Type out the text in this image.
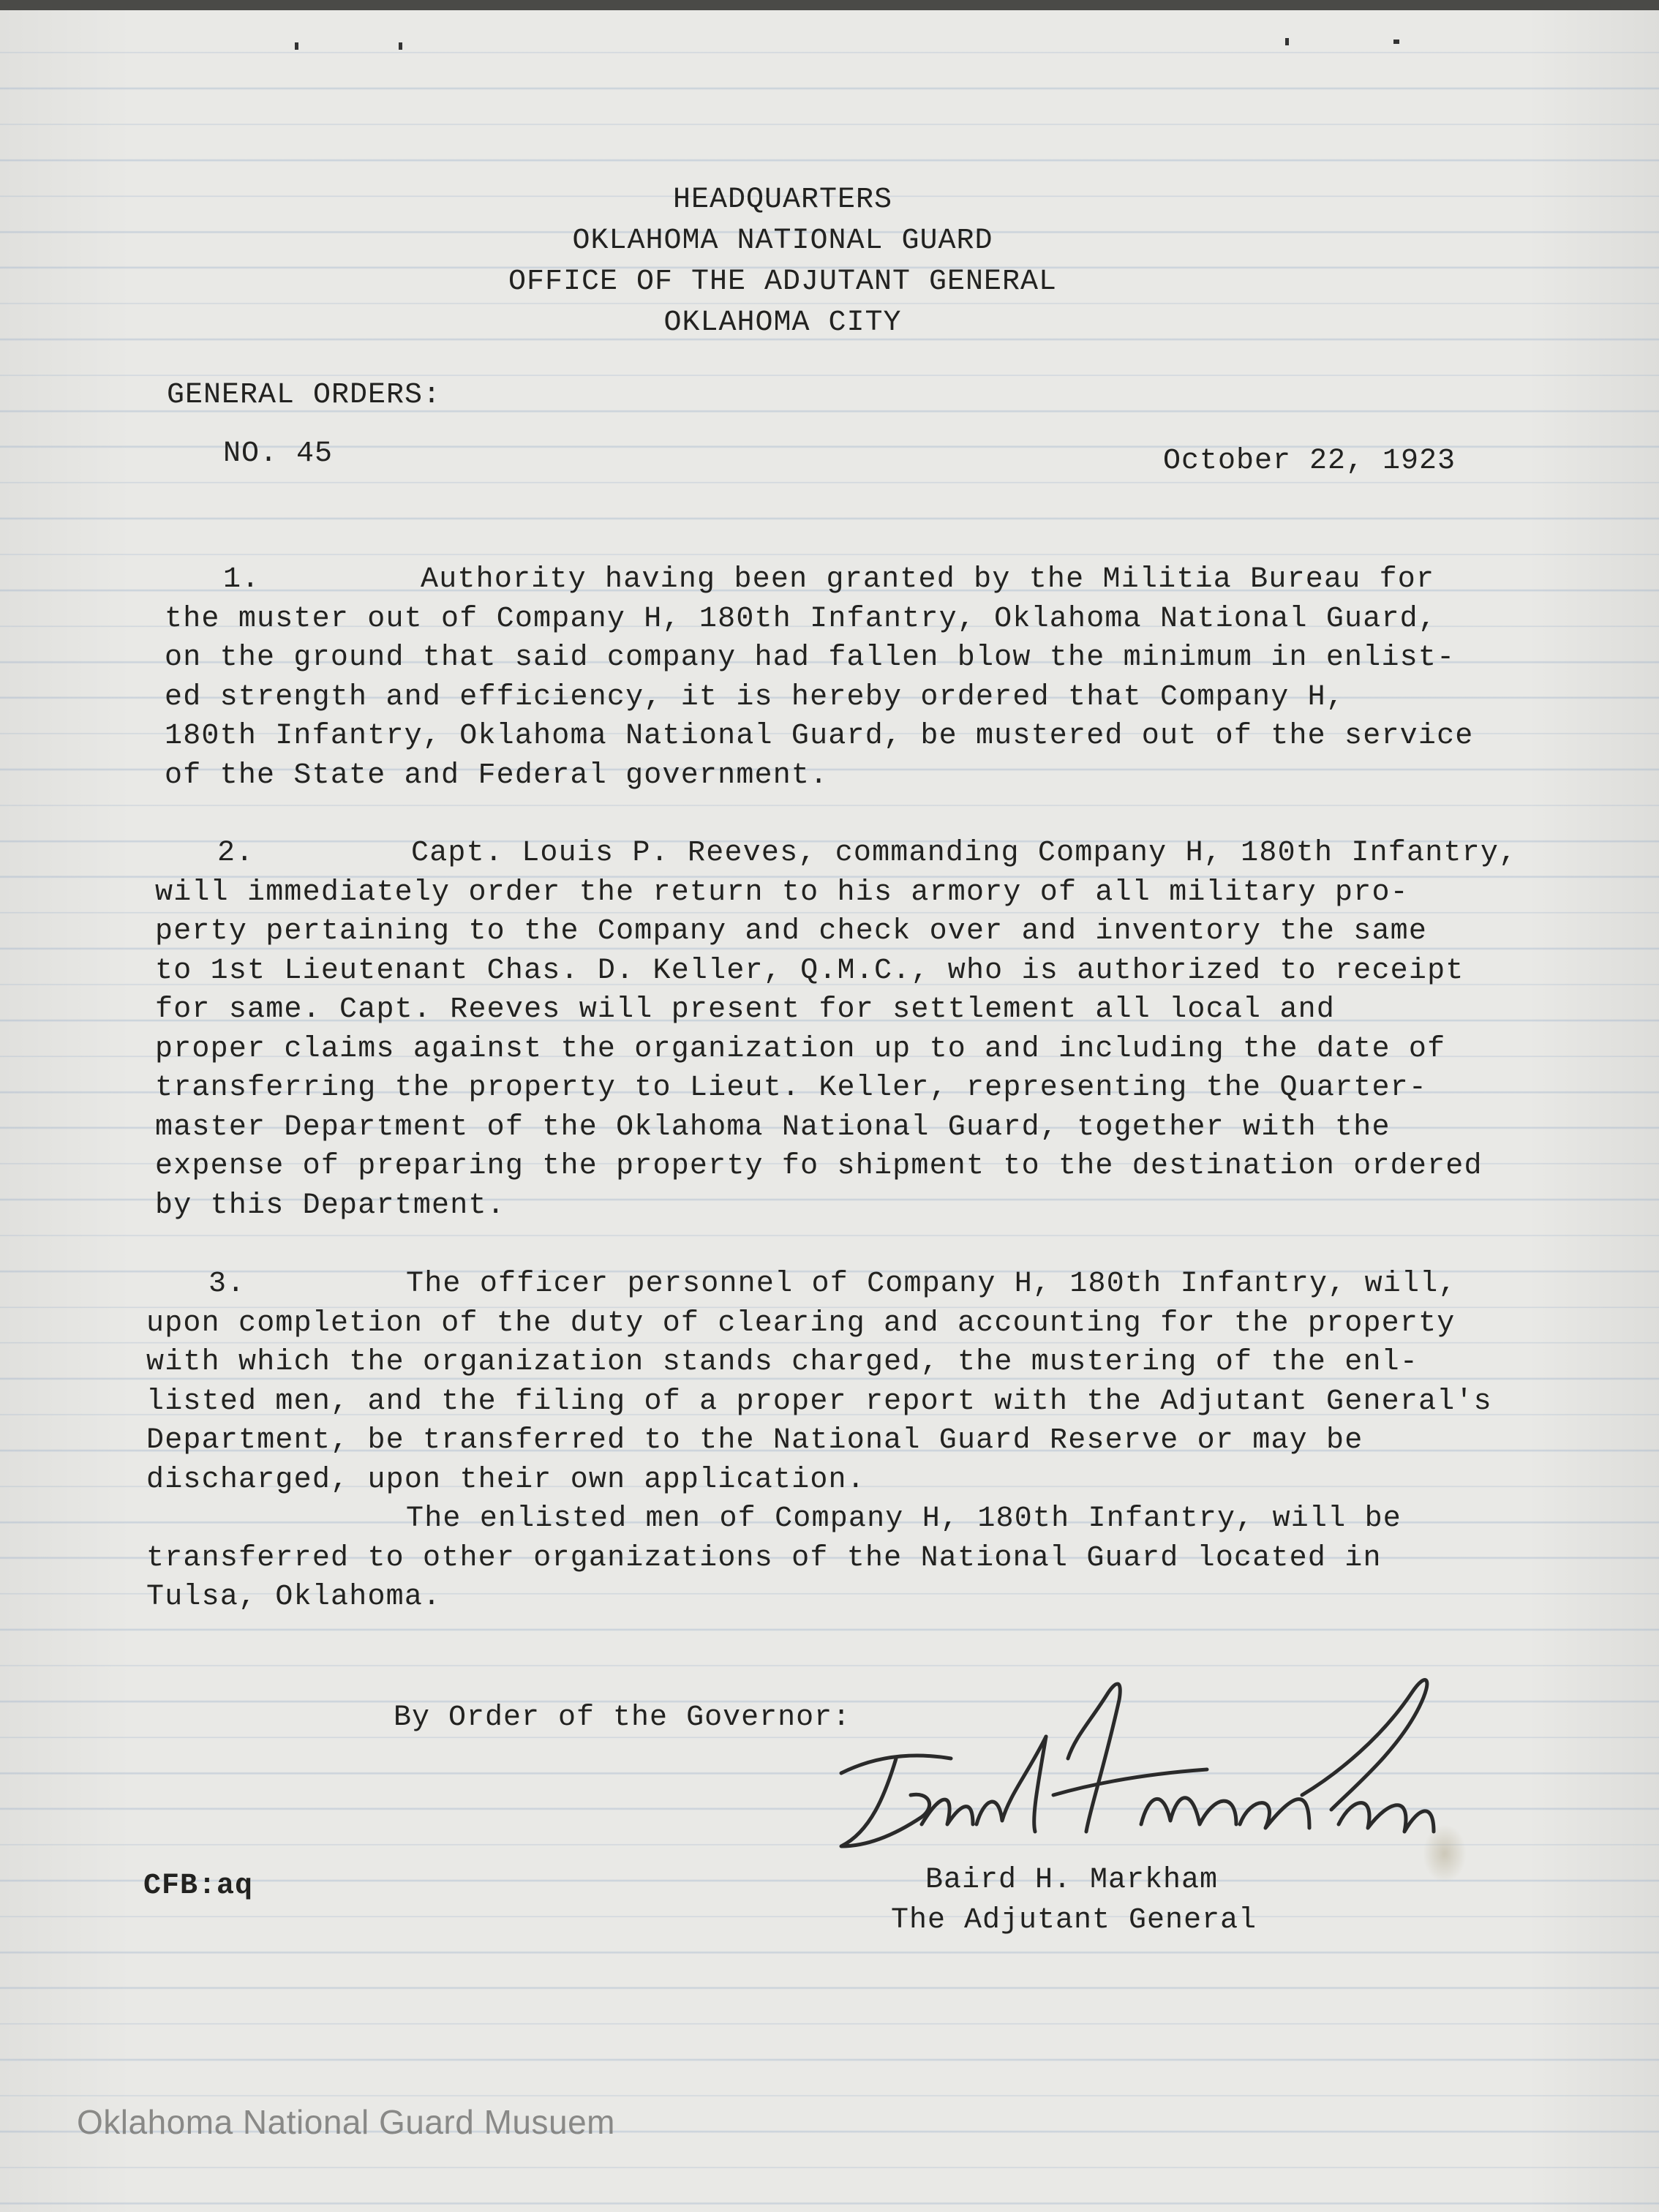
HEADQUARTERS
OKLAHOMA NATIONAL GUARD
OFFICE OF THE ADJUTANT GENERAL
OKLAHOMA CITY
GENERAL ORDERS:
NO. 45	October 22, 1923
1.	Authority having been granted by the Militia Bureau for
the muster out of Company H, 180th Infantry, Oklahoma National Guard,
on the ground that said company had fallen blow the minimum in enlist-
ed strength and efficiency, it is hereby ordered that Company H,
180th Infantry, Oklahoma National Guard, be mustered out of the service
of the State and Federal government.
2.	Capt. Louis P. Reeves, commanding Company H, 180th Infantry,
will immediately order the return to his armory of all military pro-
perty pertaining to the Company and check over and inventory the same
to 1st Lieutenant Chas. D. Keller, Q.M.C., who is authorized to receipt
for same. Capt. Reeves will present for settlement all local and
proper claims against the organization up to and including the date of
transferring the property to Lieut. Keller, representing the Quarter-
master Department of the Oklahoma National Guard, together with the
expense of preparing the property fo shipment to the destination ordered
by this Department.
3.	The officer personnel of Company H, 180th Infantry, will,
upon completion of the duty of clearing and accounting for the property
with which the organization stands charged, the mustering of the enl-
listed men, and the filing of a proper report with the Adjutant General's
Department, be transferred to the National Guard Reserve or may be
discharged, upon their own application.
The enlisted men of Company H, 180th Infantry, will be
transferred to other organizations of the National Guard located in
Tulsa, Oklahoma.
By Order of the Governor:
Baird H. Markham
The Adjutant General
CFB:aq
Oklahoma National Guard Musuem
